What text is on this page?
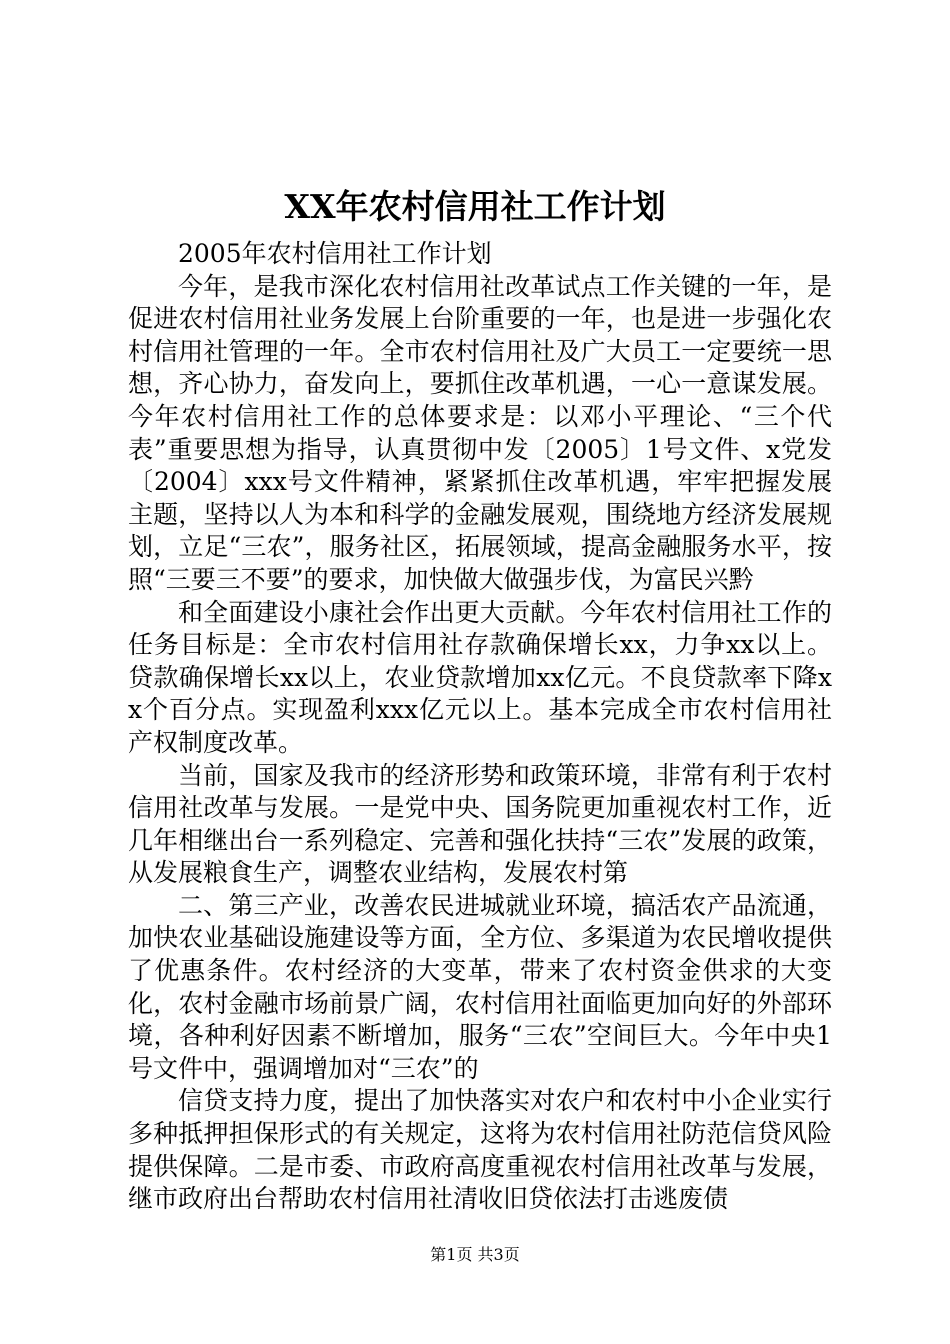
XX年农村信用社工作计划

2005年农村信用社工作计划

今年，是我市深化农村信用社改革试点工作关键的一年，是促进农村信用社业务发展上台阶重要的一年，也是进一步强化农村信用社管理的一年。全市农村信用社及广大员工一定要统一思想，齐心协力，奋发向上，要抓住改革机遇，一心一意谋发展。今年农村信用社工作的总体要求是：以邓小平理论、“三个代表”重要思想为指导，认真贯彻中发〔2005〕1号文件、x党发〔2004〕xxx号文件精神，紧紧抓住改革机遇，牢牢把握发展主题，坚持以人为本和科学的金融发展观，围绕地方经济发展规划，立足“三农”，服务社区，拓展领域，提高金融服务水平，按照“三要三不要”的要求，加快做大做强步伐，为富民兴黔

和全面建设小康社会作出更大贡献。今年农村信用社工作的任务目标是：全市农村信用社存款确保增长xx，力争xx以上。贷款确保增长xx以上，农业贷款增加xx亿元。不良贷款率下降xx个百分点。实现盈利xxx亿元以上。基本完成全市农村信用社产权制度改革。

当前，国家及我市的经济形势和政策环境，非常有利于农村信用社改革与发展。一是党中央、国务院更加重视农村工作，近几年相继出台一系列稳定、完善和强化扶持“三农”发展的政策，从发展粮食生产，调整农业结构，发展农村第

二、第三产业，改善农民进城就业环境，搞活农产品流通，加快农业基础设施建设等方面，全方位、多渠道为农民增收提供了优惠条件。农村经济的大变革，带来了农村资金供求的大变化，农村金融市场前景广阔，农村信用社面临更加向好的外部环境，各种利好因素不断增加，服务“三农”空间巨大。今年中央1号文件中，强调增加对“三农”的

信贷支持力度，提出了加快落实对农户和农村中小企业实行多种抵押担保形式的有关规定，这将为农村信用社防范信贷风险提供保障。二是市委、市政府高度重视农村信用社改革与发展，继市政府出台帮助农村信用社清收旧贷依法打击逃废债

第1页 共3页
